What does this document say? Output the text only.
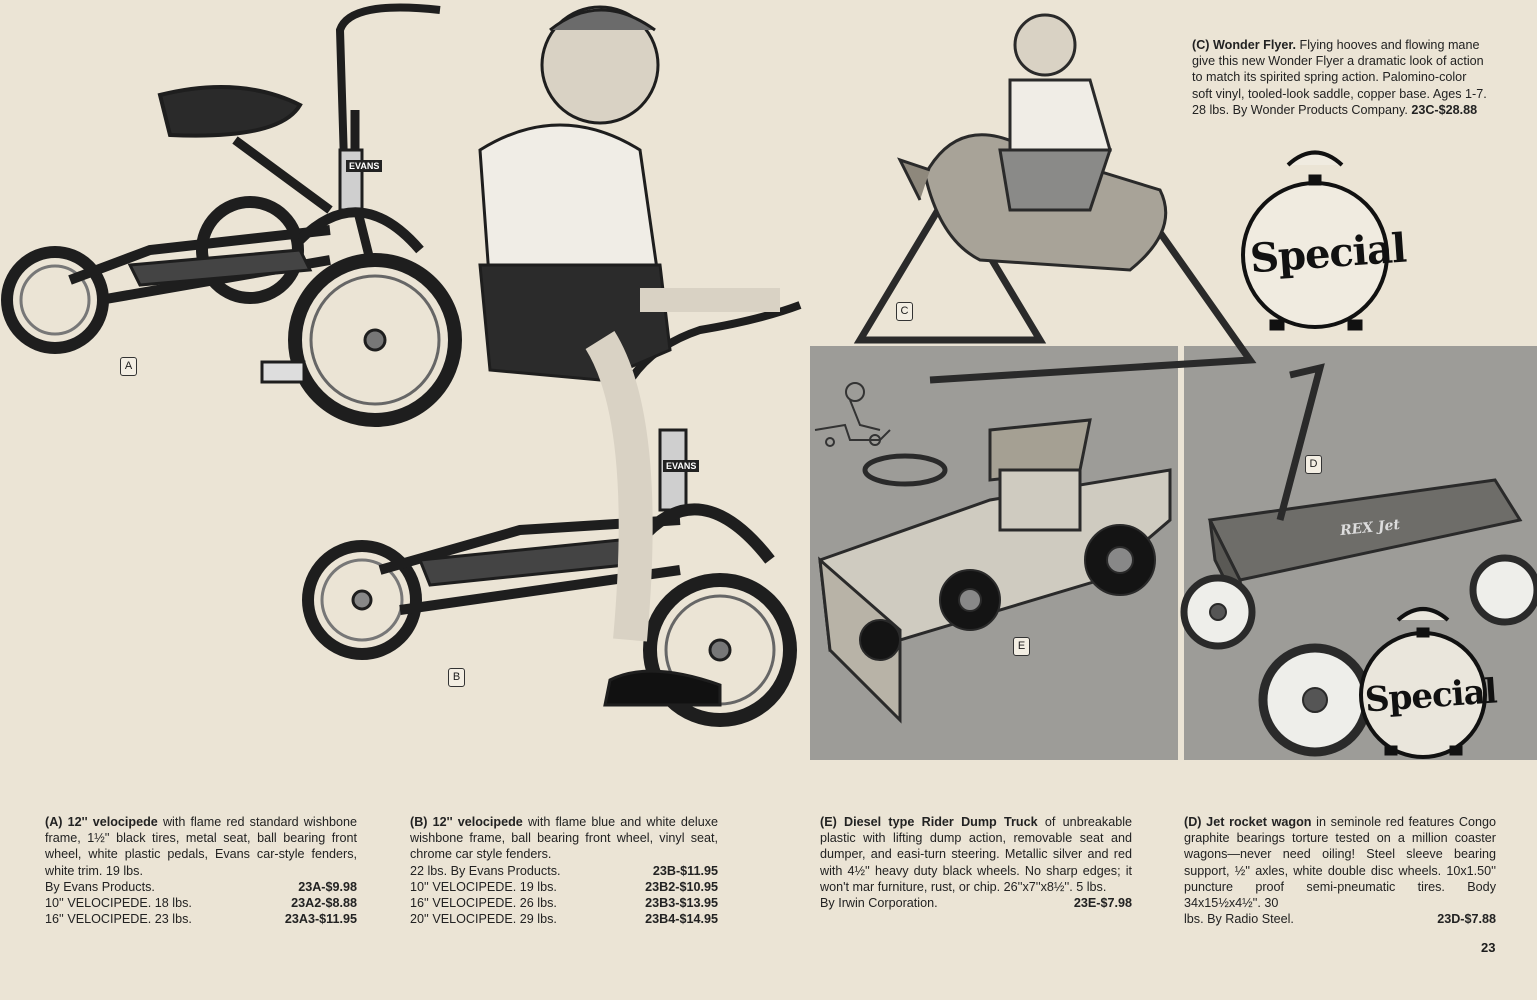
EVANS
EVANS
REX Jet
Special
Special
A
B
C
D
E
(C) Wonder Flyer. Flying hooves and flowing mane give this new Wonder Flyer a dramatic look of action to match its spirited spring action. Palomino-color soft vinyl, tooled-look saddle, copper base. Ages 1-7. 28 lbs. By Wonder Products Company. 23C-$28.88
(A) 12'' velocipede with flame red standard wishbone frame, 1½'' black tires, metal seat, ball bearing front wheel, white plastic pedals, Evans car-style fenders, white trim. 19 lbs.
By Evans Products.	23A-$9.98
10'' VELOCIPEDE. 18 lbs.	23A2-$8.88
16'' VELOCIPEDE. 23 lbs.	23A3-$11.95
(B) 12'' velocipede with flame blue and white deluxe wishbone frame, ball bearing front wheel, vinyl seat, chrome car style fenders.
22 lbs. By Evans Products.	23B-$11.95
10'' VELOCIPEDE. 19 lbs.	23B2-$10.95
16'' VELOCIPEDE. 26 lbs.	23B3-$13.95
20'' VELOCIPEDE. 29 lbs.	23B4-$14.95
(E) Diesel type Rider Dump Truck of unbreakable plastic with lifting dump action, removable seat and dumper, and easi-turn steering. Metallic silver and red with 4½'' heavy duty black wheels. No sharp edges; it won't mar furniture, rust, or chip. 26''x7''x8½''. 5 lbs.
By Irwin Corporation.	23E-$7.98
(D) Jet rocket wagon in seminole red features Congo graphite bearings torture tested on a million coaster wagons—never need oiling! Steel sleeve bearing support, ½'' axles, white double disc wheels. 10x1.50'' puncture proof semi-pneumatic tires. Body 34x15½x4½''. 30
lbs. By Radio Steel.	23D-$7.88
23
